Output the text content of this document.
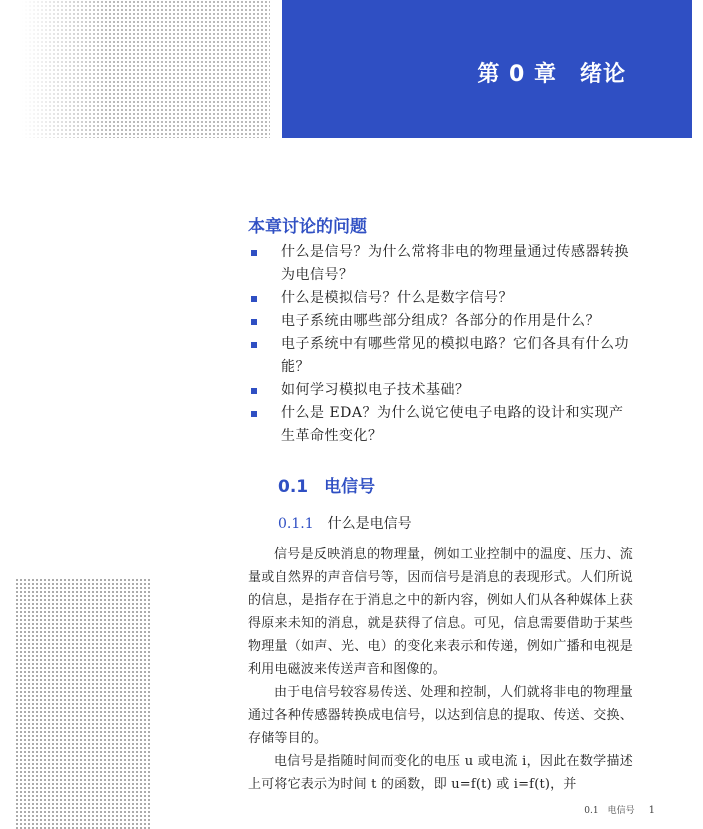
第 0 章　绪论
本章讨论的问题
什么是信号？为什么常将非电的物理量通过传感器转换为电信号？
什么是模拟信号？什么是数字信号？
电子系统由哪些部分组成？各部分的作用是什么？
电子系统中有哪些常见的模拟电路？它们各具有什么功能？
如何学习模拟电子技术基础？
什么是 EDA？为什么说它使电子电路的设计和实现产生革命性变化？
0.1 电信号
0.1.1 什么是电信号

信号是反映消息的物理量，例如工业控制中的温度、压力、流量或自然界的声音信号等，因而信号是消息的表现形式。人们所说的信息，是指存在于消息之中的新内容，例如人们从各种媒体上获得原来未知的消息，就是获得了信息。可见，信息需要借助于某些物理量（如声、光、电）的变化来表示和传递，例如广播和电视是利用电磁波来传送声音和图像的。

由于电信号较容易传送、处理和控制，人们就将非电的物理量通过各种传感器转换成电信号，以达到信息的提取、传送、交换、存储等目的。

电信号是指随时间而变化的电压 u 或电流 i，因此在数学描述上可将它表示为时间 t 的函数，即 u=f(t) 或 i=f(t)，并

0.1　电信号 1
